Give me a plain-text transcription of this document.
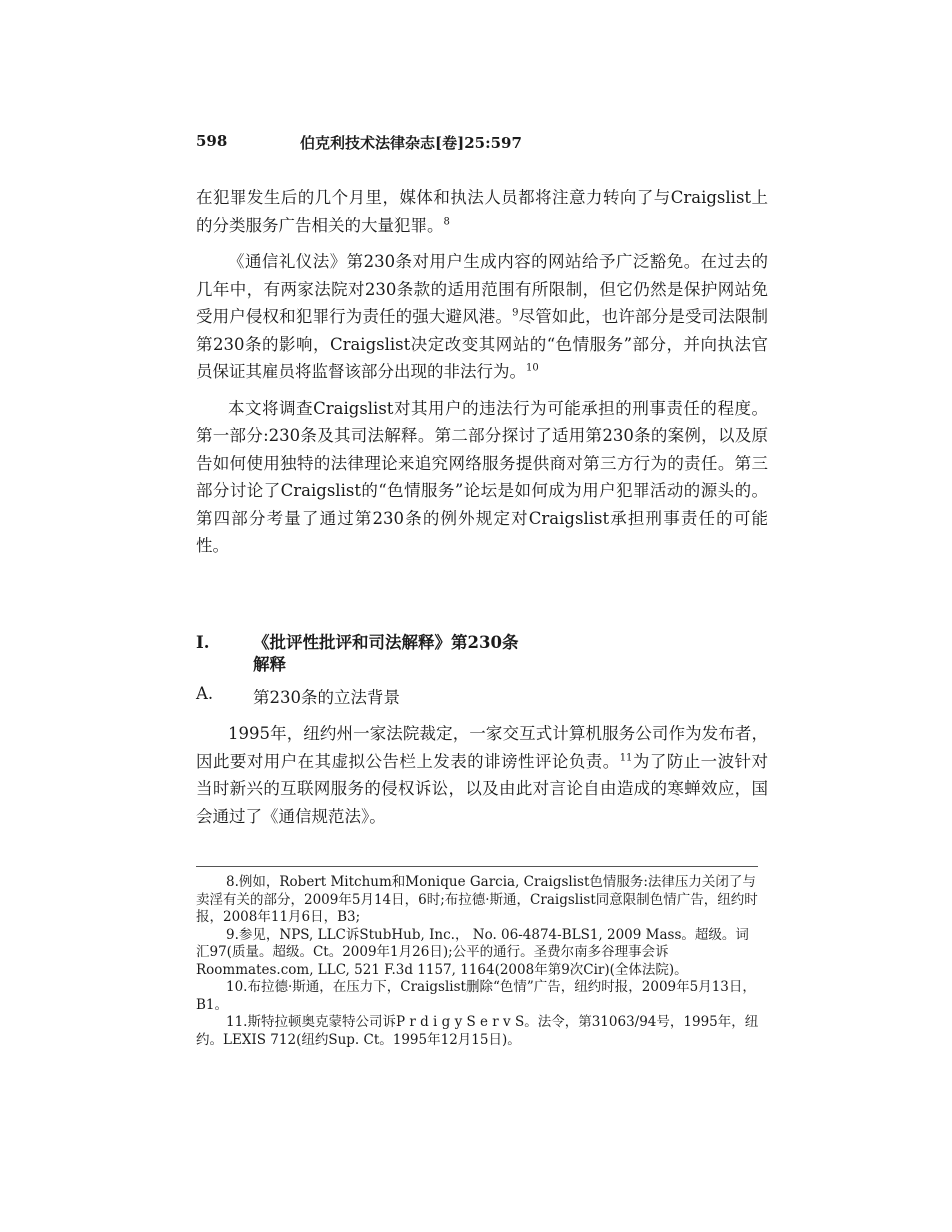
598	伯克利技术法律杂志[卷]25:597

在犯罪发生后的几个月里，媒体和执法人员都将注意力转向了与Craigslist上的分类服务广告相关的大量犯罪。$^8$

《通信礼仪法》第230条对用户生成内容的网站给予广泛豁免。在过去的几年中，有两家法院对230条款的适用范围有所限制，但它仍然是保护网站免受用户侵权和犯罪行为责任的强大避风港。$^9$尽管如此，也许部分是受司法限制第230条的影响，Craigslist决定改变其网站的“色情服务”部分，并向执法官员保证其雇员将监督该部分出现的非法行为。$^{10}$

本文将调查Craigslist对其用户的违法行为可能承担的刑事责任的程度。第一部分:230条及其司法解释。第二部分探讨了适用第230条的案例，以及原告如何使用独特的法律理论来追究网络服务提供商对第三方行为的责任。第三部分讨论了Craigslist的“色情服务”论坛是如何成为用户犯罪活动的源头的。第四部分考量了通过第230条的例外规定对Craigslist承担刑事责任的可能性。

I.	《批评性批评和司法解释》第230条
解释
A. 第230条的立法背景

1995年，纽约州一家法院裁定，一家交互式计算机服务公司作为发布者，因此要对用户在其虚拟公告栏上发表的诽谤性评论负责。$^{11}$为了防止一波针对当时新兴的互联网服务的侵权诉讼，以及由此对言论自由造成的寒蝉效应，国会通过了《通信规范法》。

8.例如，Robert Mitchum和Monique Garcia, Craigslist色情服务:法律压力关闭了与卖淫有关的部分，2009年5月14日，6时;布拉德·斯通，Craigslist同意限制色情广告，纽约时报，2008年11月6日，B3;

9.参见，NPS, LLC诉StubHub, Inc.， No. 06-4874-BLS1, 2009 Mass。超级。词汇97(质量。超级。Ct。2009年1月26日);公平的通行。圣费尔南多谷理事会诉Roommates.com, LLC, 521 F.3d 1157, 1164(2008年第9次Cir)(全体法院)。

10.布拉德·斯通，在压力下，Craigslist删除“色情”广告，纽约时报，2009年5月13日，B1。

11.斯特拉顿奥克蒙特公司诉P r d i g y S e r v S。法令，第31063/94号，1995年，纽约。LEXIS 712(纽约Sup. Ct。1995年12月15日)。
